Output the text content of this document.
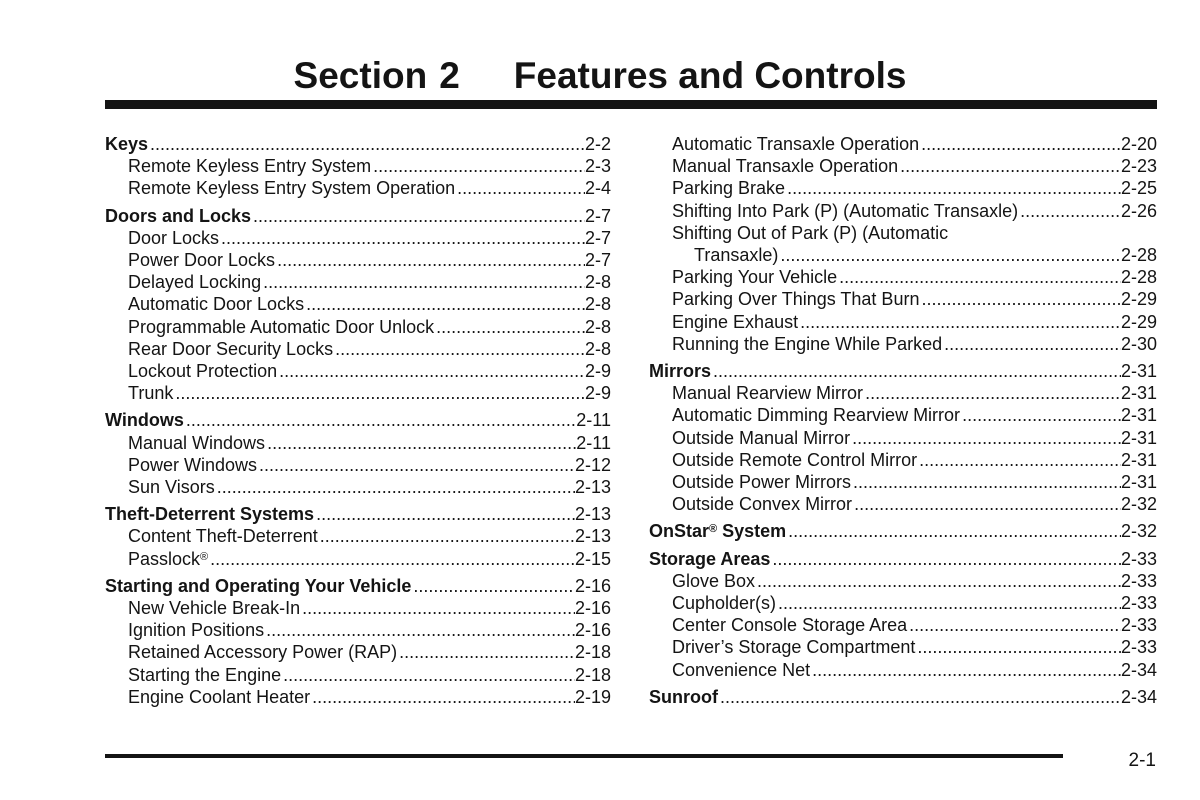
Section 2 Features and Controls
Keys .....	2-2
Remote Keyless Entry System .....	2-3
Remote Keyless Entry System Operation .....	2-4
Doors and Locks .....	2-7
Door Locks .....	2-7
Power Door Locks .....	2-7
Delayed Locking .....	2-8
Automatic Door Locks .....	2-8
Programmable Automatic Door Unlock .....	2-8
Rear Door Security Locks .....	2-8
Lockout Protection .....	2-9
Trunk .....	2-9
Windows .....	2-11
Manual Windows .....	2-11
Power Windows .....	2-12
Sun Visors .....	2-13
Theft-Deterrent Systems .....	2-13
Content Theft-Deterrent .....	2-13
Passlock® .....	2-15
Starting and Operating Your Vehicle .....	2-16
New Vehicle Break-In .....	2-16
Ignition Positions .....	2-16
Retained Accessory Power (RAP) .....	2-18
Starting the Engine .....	2-18
Engine Coolant Heater .....	2-19
Automatic Transaxle Operation .....	2-20
Manual Transaxle Operation .....	2-23
Parking Brake .....	2-25
Shifting Into Park (P) (Automatic Transaxle) .....	2-26
Shifting Out of Park (P) (Automatic
Transaxle) .....	2-28
Parking Your Vehicle .....	2-28
Parking Over Things That Burn .....	2-29
Engine Exhaust .....	2-29
Running the Engine While Parked .....	2-30
Mirrors .....	2-31
Manual Rearview Mirror .....	2-31
Automatic Dimming Rearview Mirror .....	2-31
Outside Manual Mirror .....	2-31
Outside Remote Control Mirror .....	2-31
Outside Power Mirrors .....	2-31
Outside Convex Mirror .....	2-32
OnStar® System .....	2-32
Storage Areas .....	2-33
Glove Box .....	2-33
Cupholder(s) .....	2-33
Center Console Storage Area .....	2-33
Driver’s Storage Compartment .....	2-33
Convenience Net .....	2-34
Sunroof .....	2-34
2-1
